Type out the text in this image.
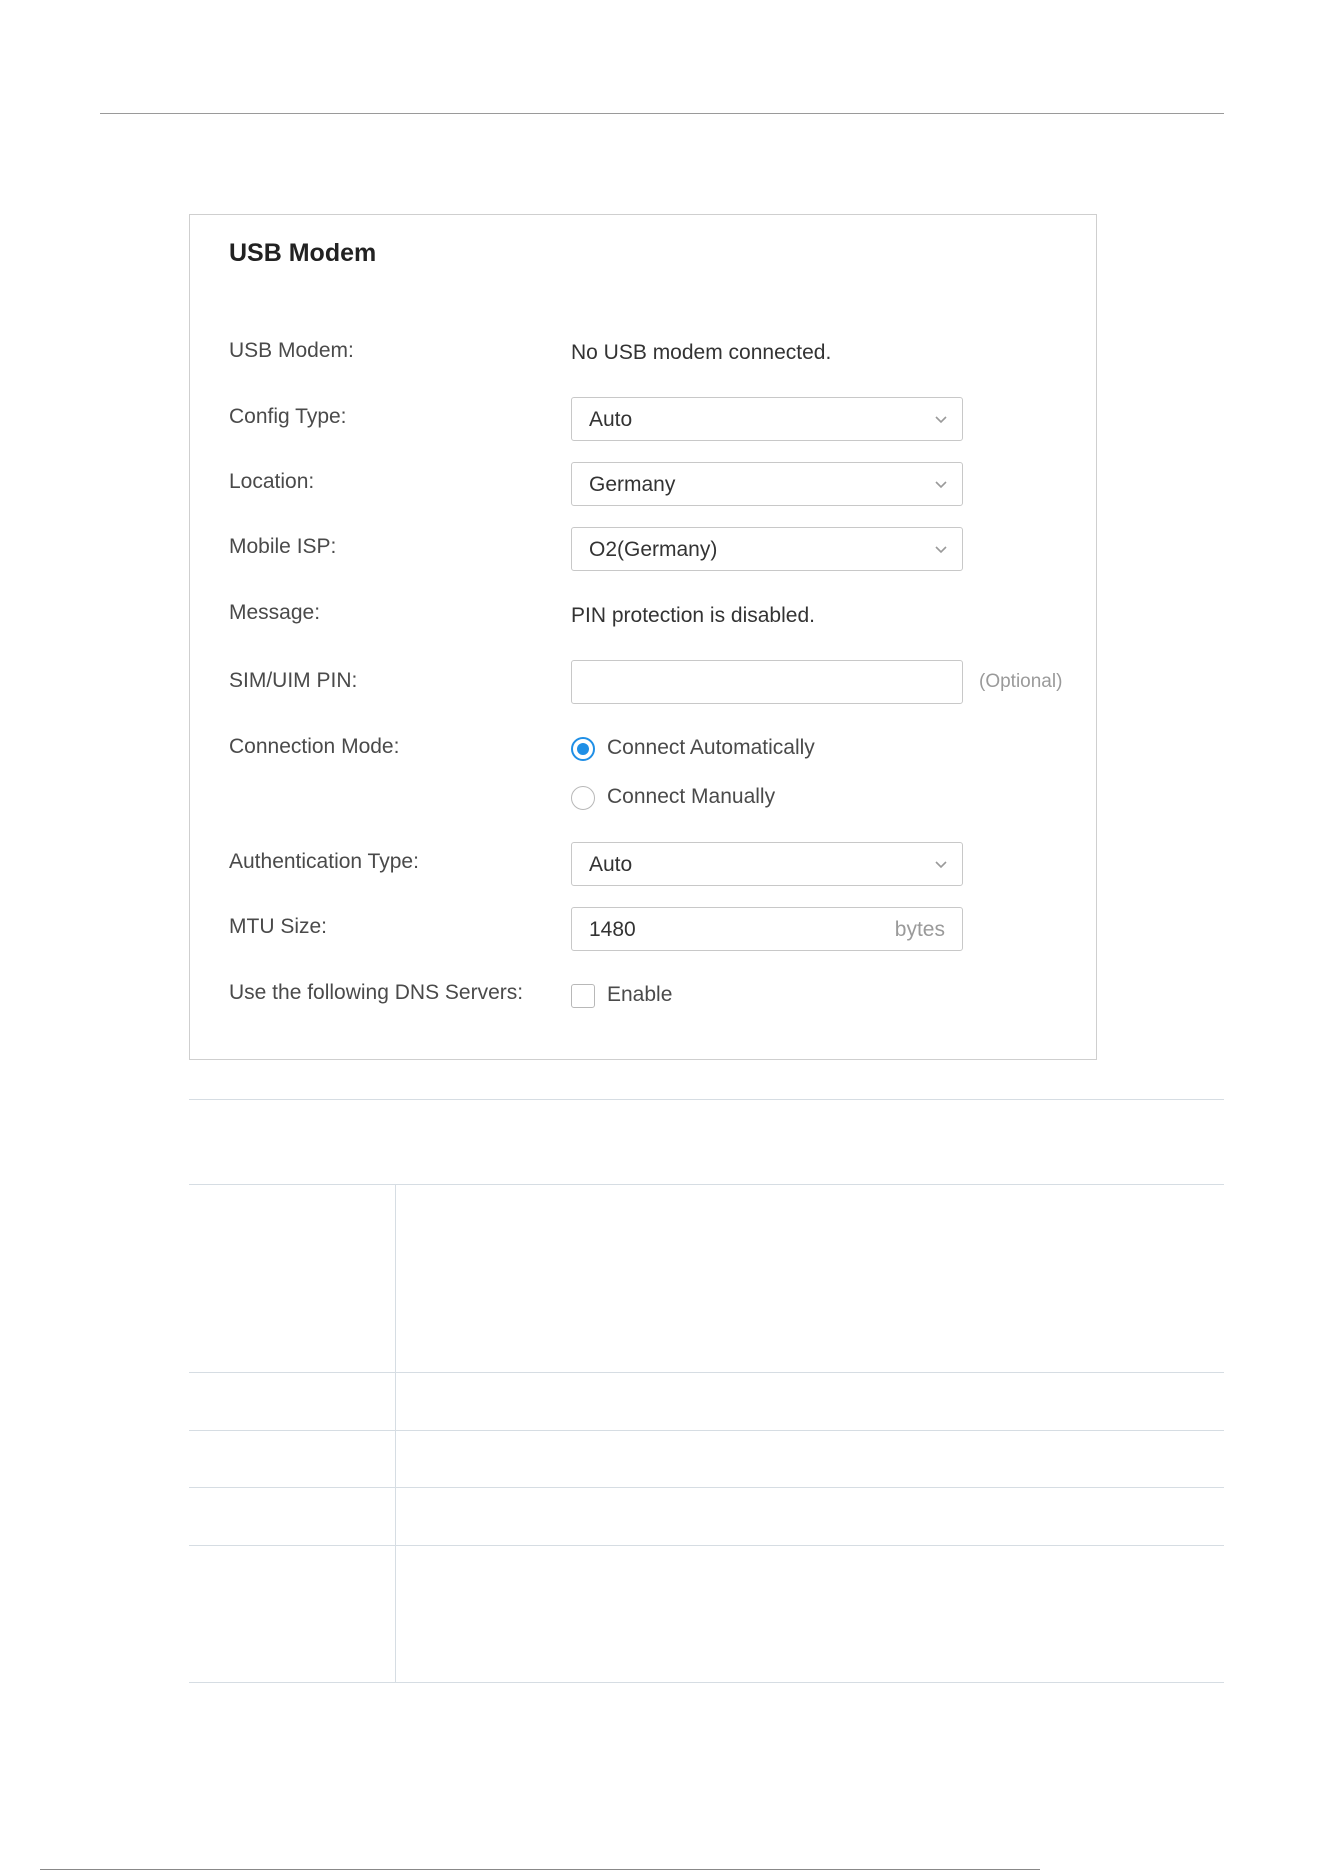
USB Modem
USB Modem:	No USB modem connected.
Config Type:	Auto
Location:	Germany
Mobile ISP:	O2(Germany)
Message:	PIN protection is disabled.
SIM/UIM PIN:	(Optional)
Connection Mode:	Connect Automatically
Connect Manually
Authentication Type:	Auto
MTU Size:	1480	bytes
Use the following DNS Servers:	Enable
